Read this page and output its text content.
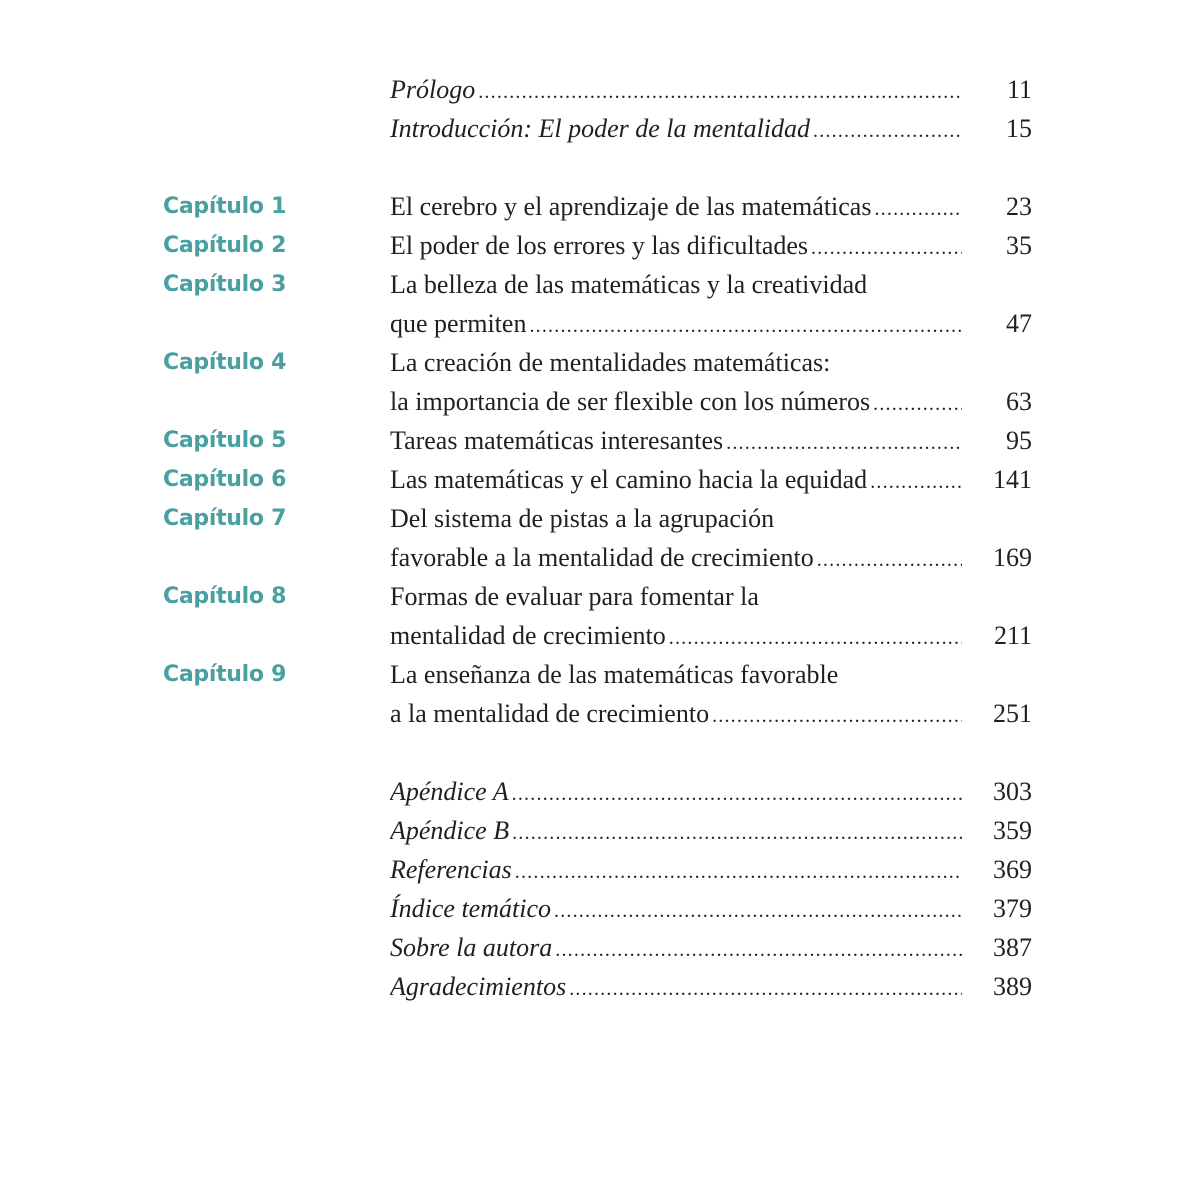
Prólogo .....	11
Introducción: El poder de la mentalidad .....	15
Capítulo 1	El cerebro y el aprendizaje de las matemáticas .....	23
Capítulo 2	El poder de los errores y las dificultades .....	35
Capítulo 3	La belleza de las matemáticas y la creatividad
que permiten .....	47
Capítulo 4	La creación de mentalidades matemáticas:
la importancia de ser flexible con los números .....	63
Capítulo 5	Tareas matemáticas interesantes .....	95
Capítulo 6	Las matemáticas y el camino hacia la equidad .....	141
Capítulo 7	Del sistema de pistas a la agrupación
favorable a la mentalidad de crecimiento .....	169
Capítulo 8	Formas de evaluar para fomentar la
mentalidad de crecimiento .....	211
Capítulo 9	La enseñanza de las matemáticas favorable
a la mentalidad de crecimiento .....	251
Apéndice A .....	303
Apéndice B .....	359
Referencias .....	369
Índice temático .....	379
Sobre la autora .....	387
Agradecimientos .....	389
